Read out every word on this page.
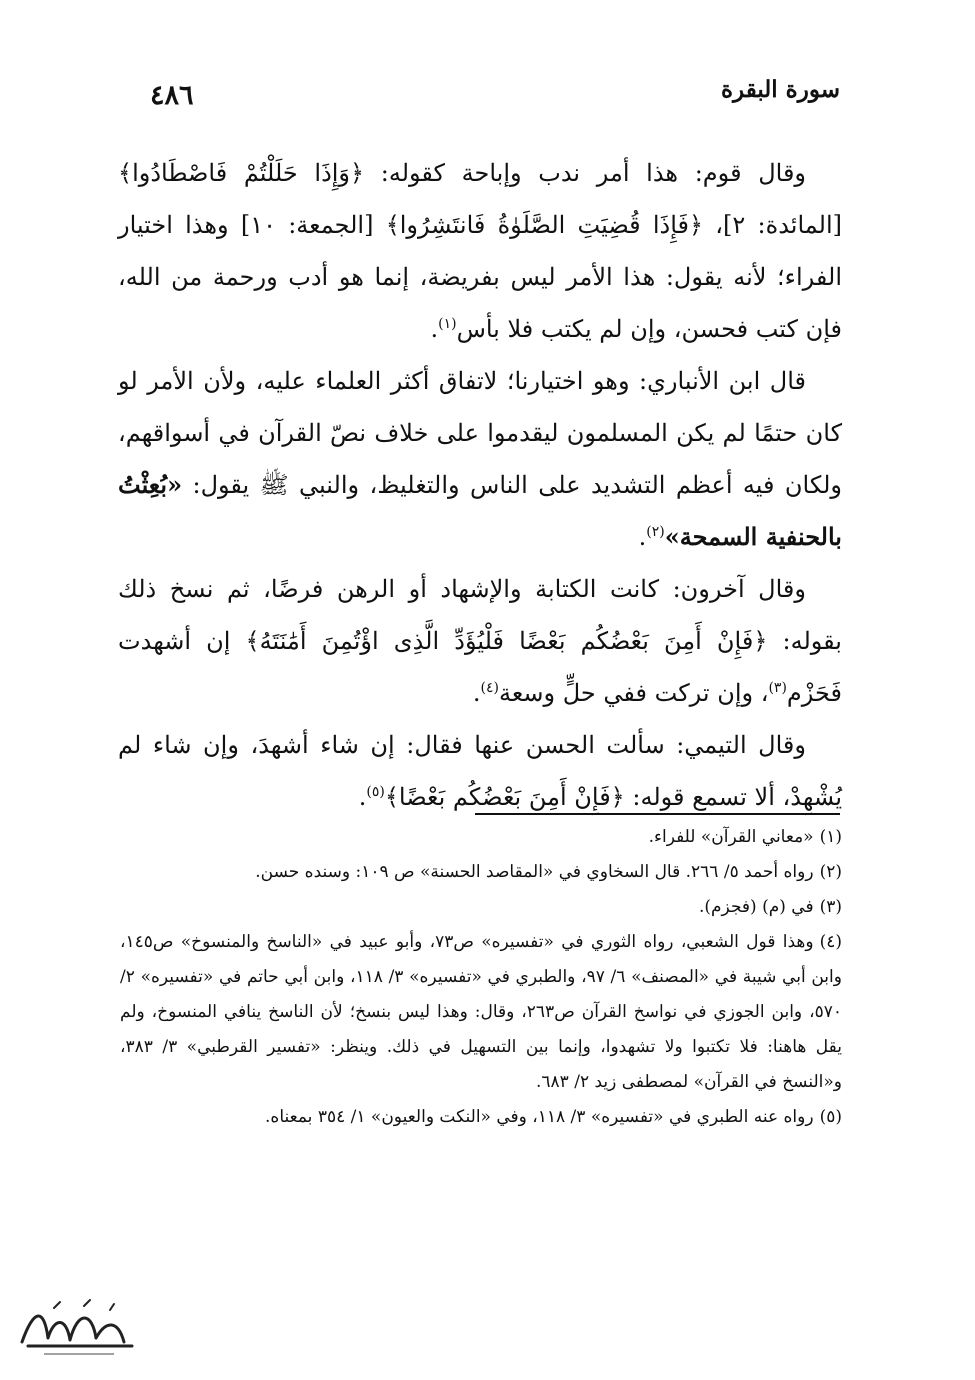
٤٨٦	سورة البقرة

وقال قوم: هذا أمر ندب وإباحة كقوله: ﴿وَإِذَا حَلَلْتُمْ فَاصْطَادُوا﴾ [المائدة: ٢]، ﴿فَإِذَا قُضِيَتِ الصَّلَوٰةُ فَانتَشِرُوا﴾ [الجمعة: ١٠] وهذا اختيار الفراء؛ لأنه يقول: هذا الأمر ليس بفريضة، إنما هو أدب ورحمة من الله، فإن كتب فحسن، وإن لم يكتب فلا بأس$^{(١)}$.

قال ابن الأنباري: وهو اختيارنا؛ لاتفاق أكثر العلماء عليه، ولأن الأمر لو كان حتمًا لم يكن المسلمون ليقدموا على خلاف نصّ القرآن في أسواقهم، ولكان فيه أعظم التشديد على الناس والتغليظ، والنبي ﷺ يقول: «بُعِثْتُ بالحنفية السمحة»$^{(٢)}$.

وقال آخرون: كانت الكتابة والإشهاد أو الرهن فرضًا، ثم نسخ ذلك بقوله: ﴿فَإِنْ أَمِنَ بَعْضُكُم بَعْضًا فَلْيُؤَدِّ الَّذِى اؤْتُمِنَ أَمَٰنَتَهُ﴾ إن أشهدت فَحَزْم$^{(٣)}$، وإن تركت ففي حلٍّ وسعة$^{(٤)}$.

وقال التيمي: سألت الحسن عنها فقال: إن شاء أشهدَ، وإن شاء لم يُشْهِدْ، ألا تسمع قوله: ﴿فَإِنْ أَمِنَ بَعْضُكُم بَعْضًا﴾$^{(٥)}$.

(١)«معاني القرآن» للفراء.

(٢)رواه أحمد ٥/ ٢٦٦. قال السخاوي في «المقاصد الحسنة» ص ١٠٩: وسنده حسن.

(٣)في (م) (فجزم).

(٤)وهذا قول الشعبي، رواه الثوري في «تفسيره» ص٧٣، وأبو عبيد في «الناسخ والمنسوخ» ص١٤٥، وابن أبي شيبة في «المصنف» ٦/ ٩٧، والطبري في «تفسيره» ٣/ ١١٨، وابن أبي حاتم في «تفسيره» ٢/ ٥٧٠، وابن الجوزي في نواسخ القرآن ص٢٦٣، وقال: وهذا ليس بنسخ؛ لأن الناسخ ينافي المنسوخ، ولم يقل هاهنا: فلا تكتبوا ولا تشهدوا، وإنما بين التسهيل في ذلك. وينظر: «تفسير القرطبي» ٣/ ٣٨٣، و«النسخ في القرآن» لمصطفى زيد ٢/ ٦٨٣.

(٥)رواه عنه الطبري في «تفسيره» ٣/ ١١٨، وفي «النكت والعيون» ١/ ٣٥٤ بمعناه.
